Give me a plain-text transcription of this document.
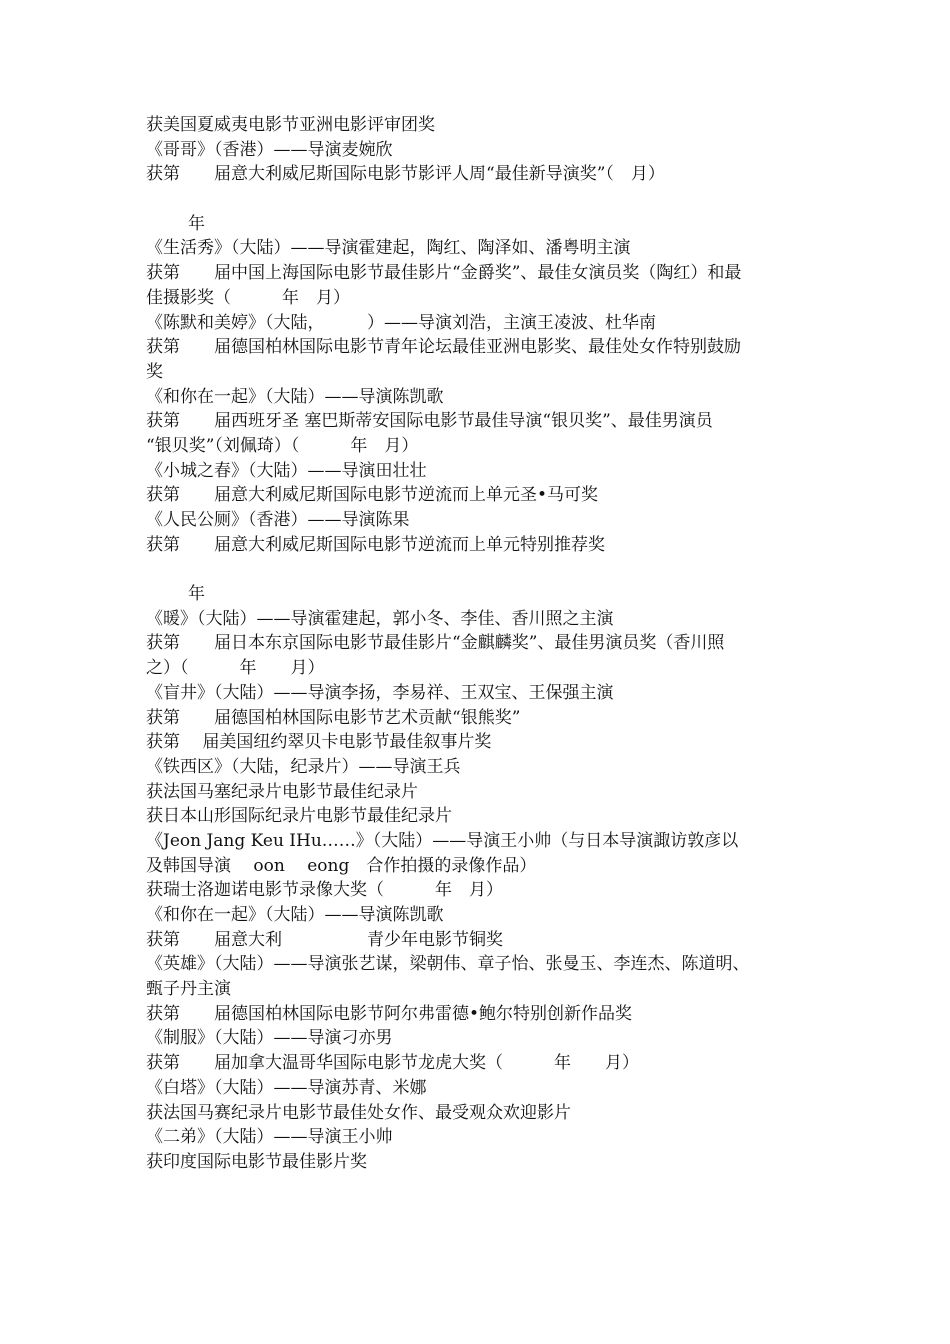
获美国夏威夷电影节亚洲电影评审团奖
《哥哥》（香港）——导演麦婉欣
获第　　届意大利威尼斯国际电影节影评人周“最佳新导演奖”（　月）
年
《生活秀》（大陆）——导演霍建起，陶红、陶泽如、潘粤明主演
获第　　届中国上海国际电影节最佳影片“金爵奖”、最佳女演员奖（陶红）和最
佳摄影奖（　　　年　月）
《陈默和美婷》（大陆，　　　）——导演刘浩，主演王凌波、杜华南
获第　　届德国柏林国际电影节青年论坛最佳亚洲电影奖、最佳处女作特别鼓励
奖
《和你在一起》（大陆）——导演陈凯歌
获第　　届西班牙圣 塞巴斯蒂安国际电影节最佳导演“银贝奖”、最佳男演员
“银贝奖”（刘佩琦）（　　　年　月）
《小城之春》（大陆）——导演田壮壮
获第　　届意大利威尼斯国际电影节逆流而上单元圣•马可奖
《人民公厕》（香港）——导演陈果
获第　　届意大利威尼斯国际电影节逆流而上单元特别推荐奖
年
《暖》（大陆）——导演霍建起，郭小冬、李佳、香川照之主演
获第　　届日本东京国际电影节最佳影片“金麒麟奖”、最佳男演员奖（香川照
之）（　　　年　　月）
《盲井》（大陆）——导演李扬，李易祥、王双宝、王保强主演
获第　　届德国柏林国际电影节艺术贡献“银熊奖”
获第　 届美国纽约翠贝卡电影节最佳叙事片奖
《铁西区》（大陆，纪录片）——导演王兵
获法国马塞纪录片电影节最佳纪录片
获日本山形国际纪录片电影节最佳纪录片
《Jeon Jang Keu IHu……》（大陆）——导演王小帅（与日本导演諏访敦彦以
及韩国导演　 oon　 eong　合作拍摄的录像作品）
获瑞士洛迦诺电影节录像大奖（　　　年　月）
《和你在一起》（大陆）——导演陈凯歌
获第　　届意大利　　　　　青少年电影节铜奖
《英雄》（大陆）——导演张艺谋，梁朝伟、章子怡、张曼玉、李连杰、陈道明、
甄子丹主演
获第　　届德国柏林国际电影节阿尔弗雷德•鲍尔特别创新作品奖
《制服》（大陆）——导演刁亦男
获第　　届加拿大温哥华国际电影节龙虎大奖（　　　年　　月）
《白塔》（大陆）——导演苏青、米娜
获法国马赛纪录片电影节最佳处女作、最受观众欢迎影片
《二弟》（大陆）——导演王小帅
获印度国际电影节最佳影片奖
